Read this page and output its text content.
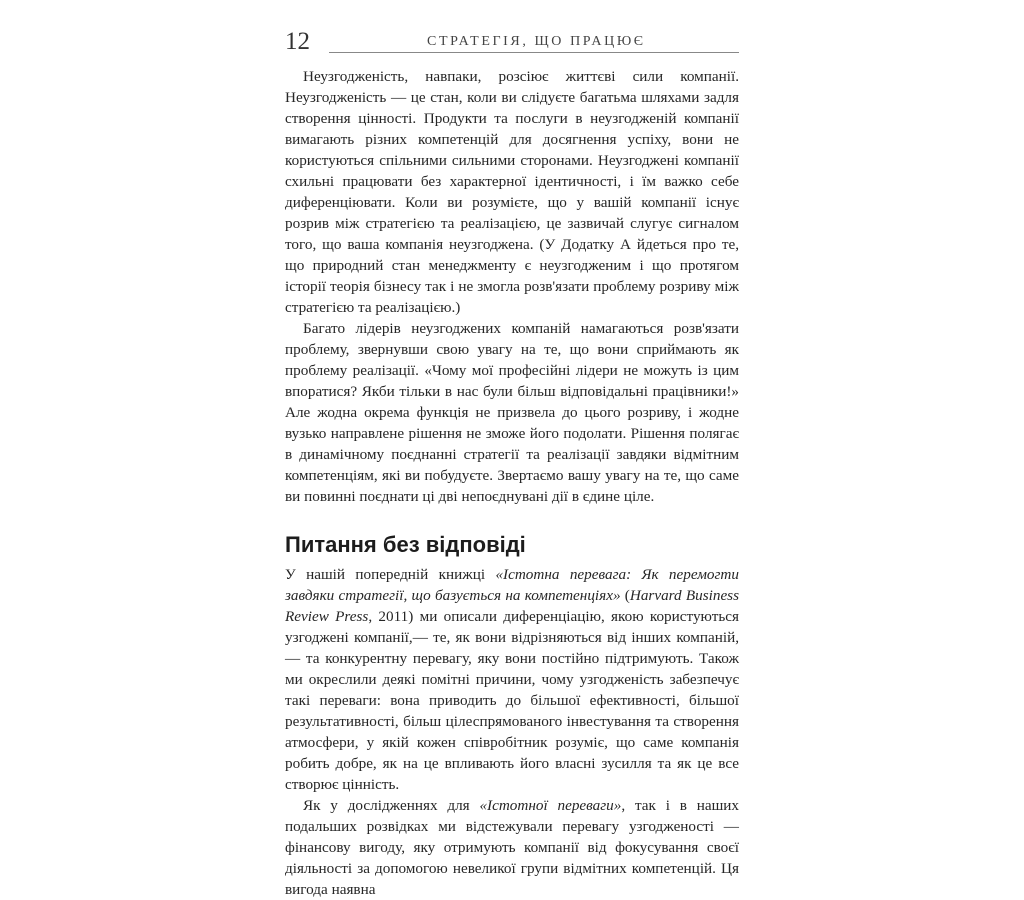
12	СТРАТЕГІЯ, ЩО ПРАЦЮЄ

Неузгодженість, навпаки, розсіює життєві сили компанії. Неузгодженість — це стан, коли ви слідуєте багатьма шляхами задля створення цінності. Продукти та послуги в неузгодженій компанії вимагають різних компетенцій для досягнення успіху, вони не користуються спільними сильними сторонами. Неузгоджені компанії схильні працювати без характерної ідентичності, і їм важко себе диференціювати. Коли ви розумієте, що у вашій компанії існує розрив між стратегією та реалізацією, це зазвичай слугує сигналом того, що ваша компанія неузгоджена. (У Додатку А йдеться про те, що природний стан менеджменту є неузгодженим і що протягом історії теорія бізнесу так і не змогла розв'язати проблему розриву між стратегією та реалізацією.)

Багато лідерів неузгоджених компаній намагаються розв'язати проблему, звернувши свою увагу на те, що вони сприймають як проблему реалізації. «Чому мої професійні лідери не можуть із цим впоратися? Якби тільки в нас були більш відповідальні працівники!» Але жодна окрема функція не призвела до цього розриву, і жодне вузько направлене рішення не зможе його подолати. Рішення полягає в динамічному поєднанні стратегії та реалізації завдяки відмітним компетенціям, які ви побудуєте. Звертаємо вашу увагу на те, що саме ви повинні поєднати ці дві непоєднувані дії в єдине ціле.

Питання без відповіді

У нашій попередній книжці «Істотна перевага: Як перемогти завдяки стратегії, що базується на компетенціях» (Harvard Business Review Press, 2011) ми описали диференціацію, якою користуються узгоджені компанії,— те, як вони відрізняються від інших компаній,— та конкурентну перевагу, яку вони постійно підтримують. Також ми окреслили деякі помітні причини, чому узгодженість забезпечує такі переваги: вона приводить до більшої ефективності, більшої результативності, більш цілеспрямованого інвестування та створення атмосфери, у якій кожен співробітник розуміє, що саме компанія робить добре, як на це впливають його власні зусилля та як це все створює цінність.

Як у дослідженнях для «Істотної переваги», так і в наших подальших розвідках ми відстежували перевагу узгодженості — фінансову вигоду, яку отримують компанії від фокусування своєї діяльності за допомогою невеликої групи відмітних компетенцій. Ця вигода наявна
